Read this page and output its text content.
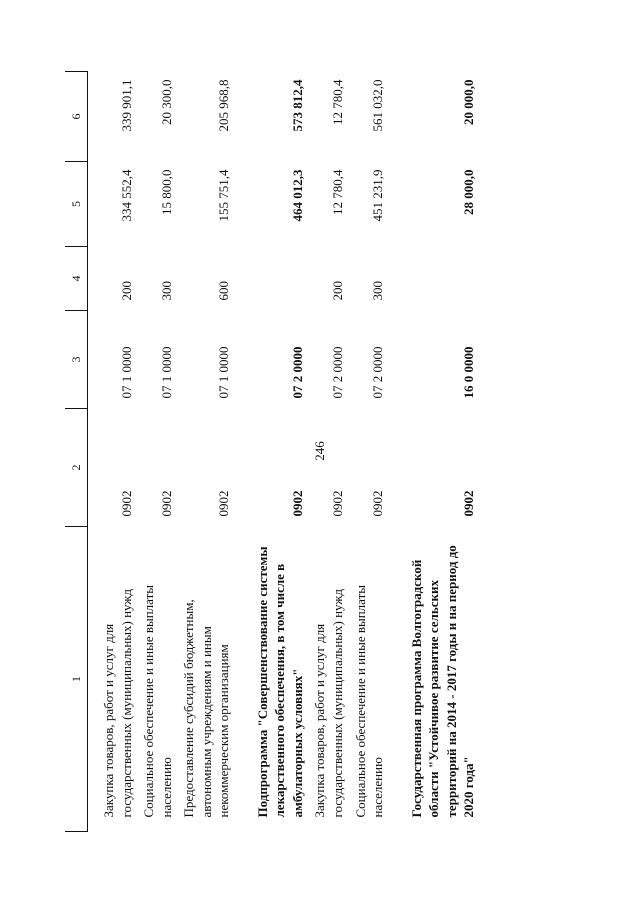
246
1	2	3	4	5	6
Закупка товаров, работ и услуг для государственных (муниципальных) нужд	0902	07 1 0000	200	334 552,4	339 901,1
Социальное обеспечение и иные выплаты населению	0902	07 1 0000	300	15 800,0	20 300,0
Предоставление субсидий бюджетным, автономным учреждениям и иным некоммерческим организациям	0902	07 1 0000	600	155 751,4	205 968,8

Подпрограмма "Совершенствование системы лекарственного обеспечения, в том числе в амбулаторных условиях"	0902	07 2 0000		464 012,3	573 812,4
Закупка товаров, работ и услуг для государственных (муниципальных) нужд	0902	07 2 0000	200	12 780,4	12 780,4
Социальное обеспечение и иные выплаты населению	0902	07 2 0000	300	451 231,9	561 032,0

Государственная программа Волгоградской области "Устойчивое развитие сельских территорий на 2014 - 2017 годы и на период до 2020 года"	0902	16 0 0000		28 000,0	20 000,0
